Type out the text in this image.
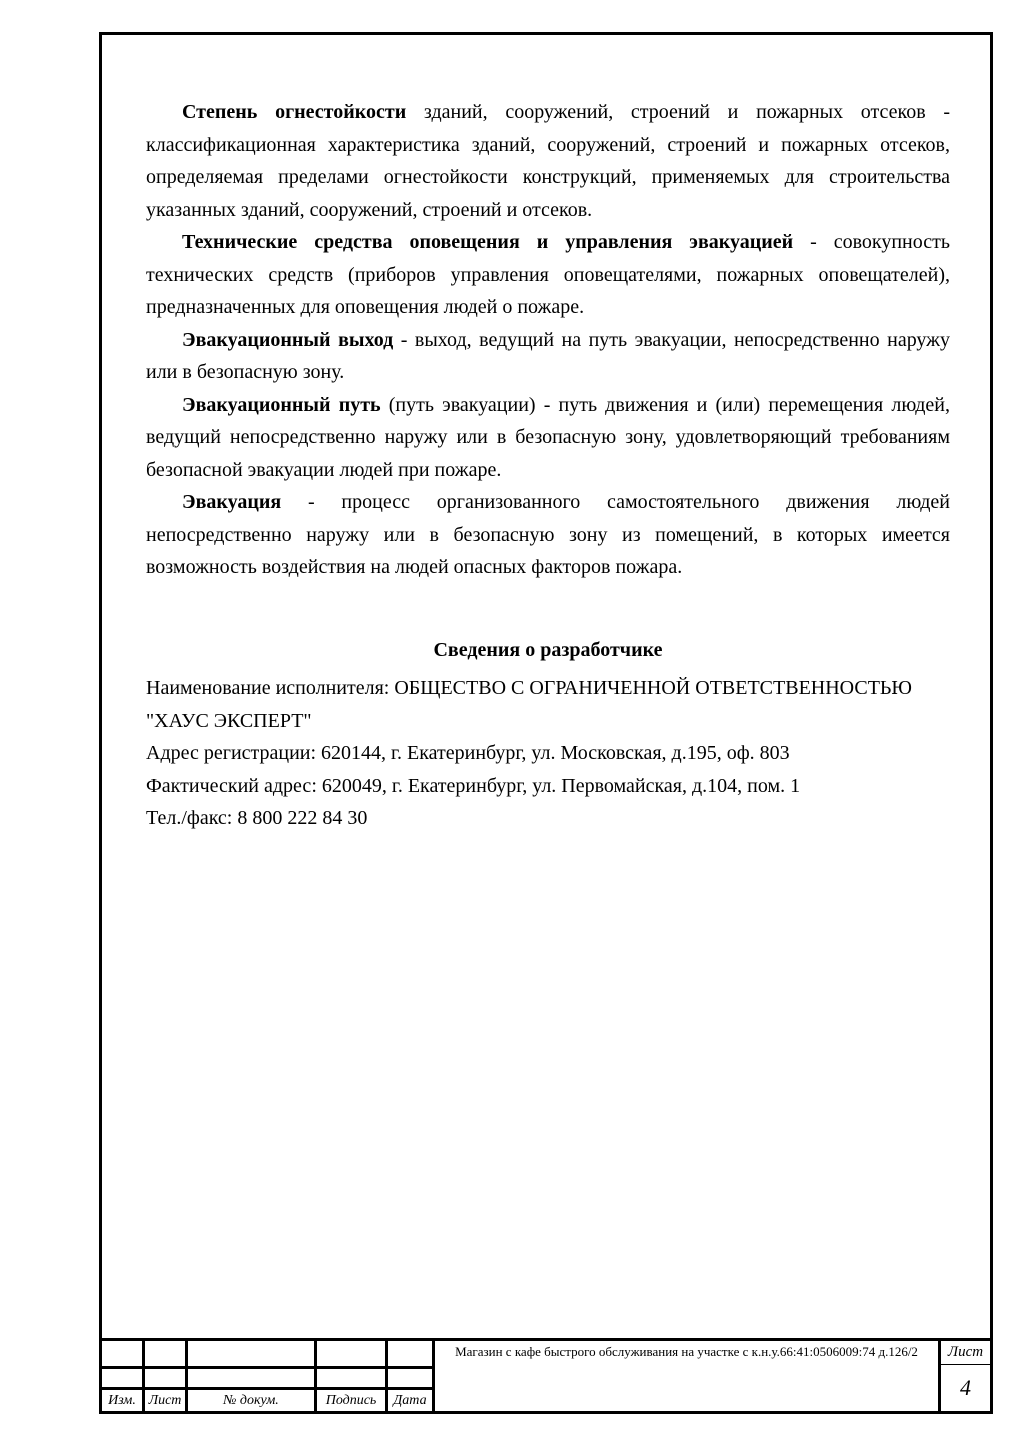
Степень огнестойкости зданий, сооружений, строений и пожарных отсеков - классификационная характеристика зданий, сооружений, строений и пожарных отсеков, определяемая пределами огнестойкости конструкций, применяемых для строительства указанных зданий, сооружений, строений и отсеков.

Технические средства оповещения и управления эвакуацией - совокупность технических средств (приборов управления оповещателями, пожарных оповещателей), предназначенных для оповещения людей о пожаре.

Эвакуационный выход - выход, ведущий на путь эвакуации, непосредственно наружу или в безопасную зону.

Эвакуационный путь (путь эвакуации) - путь движения и (или) перемещения людей, ведущий непосредственно наружу или в безопасную зону, удовлетворяющий требованиям безопасной эвакуации людей при пожаре.

Эвакуация - процесс организованного самостоятельного движения людей непосредственно наружу или в безопасную зону из помещений, в которых имеется возможность воздействия на людей опасных факторов пожара.

Сведения о разработчике

Наименование исполнителя: ОБЩЕСТВО С ОГРАНИЧЕННОЙ ОТВЕТСТВЕННОСТЬЮ "ХАУС ЭКСПЕРТ"

Адрес регистрации: 620144, г. Екатеринбург, ул. Московская, д.195, оф. 803

Фактический адрес: 620049, г. Екатеринбург, ул. Первомайская, д.104, пом. 1

Тел./факс: 8 800 222 84 30

Изм. Лист	№ докум.	Подпись	Дата
Магазин с кафе быстрого обслуживания на участке с к.н.у.66:41:0506009:74 д.126/2	Лист
4
